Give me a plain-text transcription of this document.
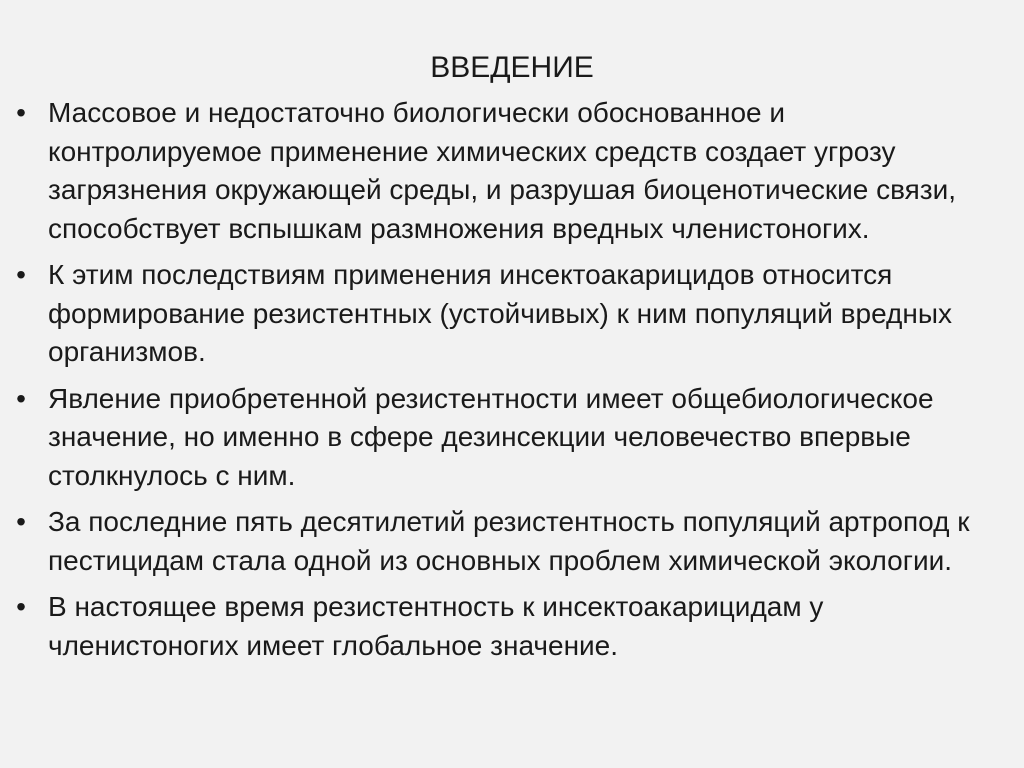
ВВЕДЕНИЕ
• Массовое и недостаточно биологически обоснованное и контролируемое применение химических средств создает угрозу загрязнения окружающей среды, и разрушая биоценотические связи, способствует вспышкам размножения вредных членистоногих.
• К этим последствиям применения инсектоакарицидов относится формирование резистентных (устойчивых) к ним популяций вредных организмов.
• Явление приобретенной резистентности имеет общебиологическое значение, но именно в сфере дезинсекции человечество впервые столкнулось с ним.
• За последние пять десятилетий резистентность популяций артропод к пестицидам стала одной из основных проблем химической экологии.
• В настоящее время резистентность к инсектоакарицидам у членистоногих имеет глобальное значение.
